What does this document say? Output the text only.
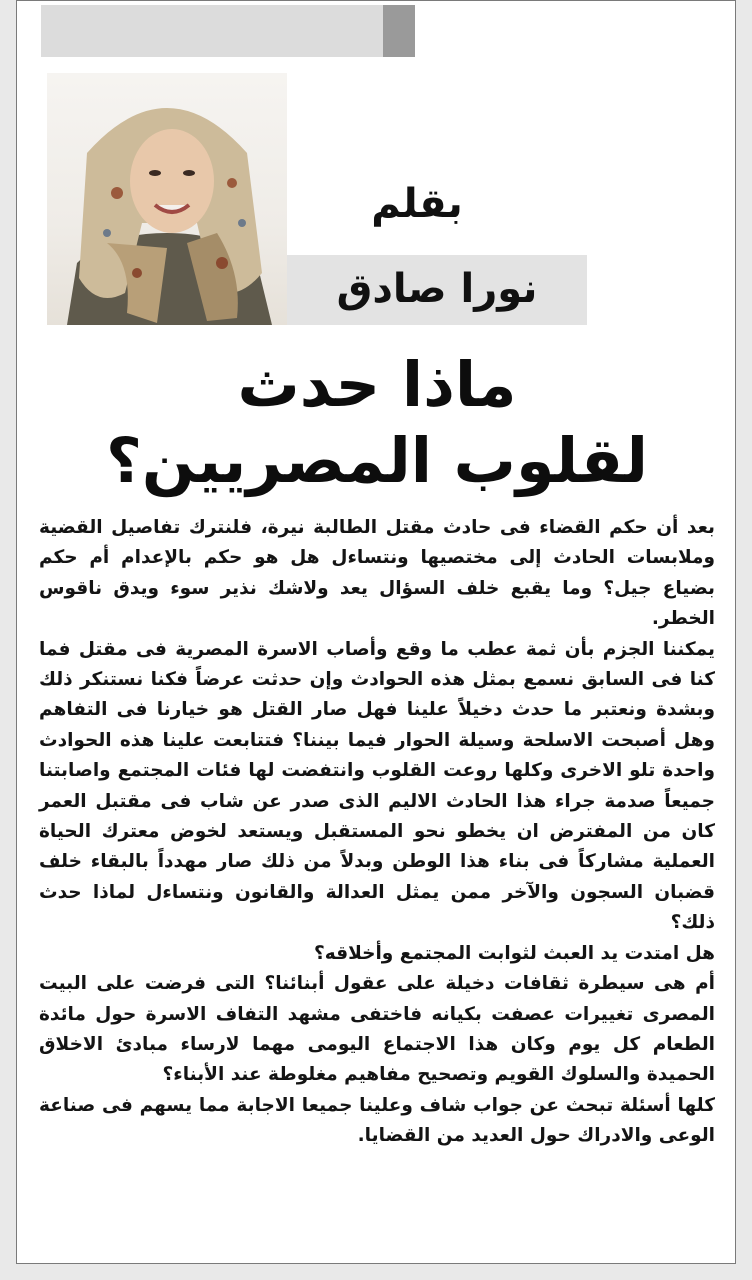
بقلم
نورا صادق
ماذا حدث
لقلوب المصريين؟

بعد أن حكم القضاء فى حادث مقتل الطالبة نيرة، فلنترك تفاصيل القضية وملابسات الحادث إلى مختصيها ونتساءل هل هو حكم بالإعدام أم حكم بضياع جيل؟ وما يقبع خلف السؤال يعد ولاشك نذير سوء ويدق ناقوس الخطر.

يمكننا الجزم بأن ثمة عطب ما وقع وأصاب الاسرة المصرية فى مقتل فما كنا فى السابق نسمع بمثل هذه الحوادث وإن حدثت عرضاً فكنا نستنكر ذلك وبشدة ونعتبر ما حدث دخيلاً علينا فهل صار القتل هو خيارنا فى التفاهم وهل أصبحت الاسلحة وسيلة الحوار فيما بيننا؟ فتتابعت علينا هذه الحوادث واحدة تلو الاخرى وكلها روعت القلوب وانتفضت لها فئات المجتمع واصابتنا جميعاً صدمة جراء هذا الحادث الاليم الذى صدر عن شاب فى مقتبل العمر كان من المفترض ان يخطو نحو المستقبل ويستعد لخوض معترك الحياة العملية مشاركاً فى بناء هذا الوطن وبدلاً من ذلك صار مهدداً بالبقاء خلف قضبان السجون والآخر ممن يمثل العدالة والقانون ونتساءل لماذا حدث ذلك؟

هل امتدت يد العبث لثوابت المجتمع وأخلاقه؟

أم هى سيطرة ثقافات دخيلة على عقول أبنائنا؟ التى فرضت على البيت المصرى تغييرات عصفت بكيانه فاختفى مشهد التفاف الاسرة حول مائدة الطعام كل يوم وكان هذا الاجتماع اليومى مهما لارساء مبادئ الاخلاق الحميدة والسلوك القويم وتصحيح مفاهيم مغلوطة عند الأبناء؟

كلها أسئلة تبحث عن جواب شاف وعلينا جميعا الاجابة مما يسهم فى صناعة الوعى والادراك حول العديد من القضايا.
